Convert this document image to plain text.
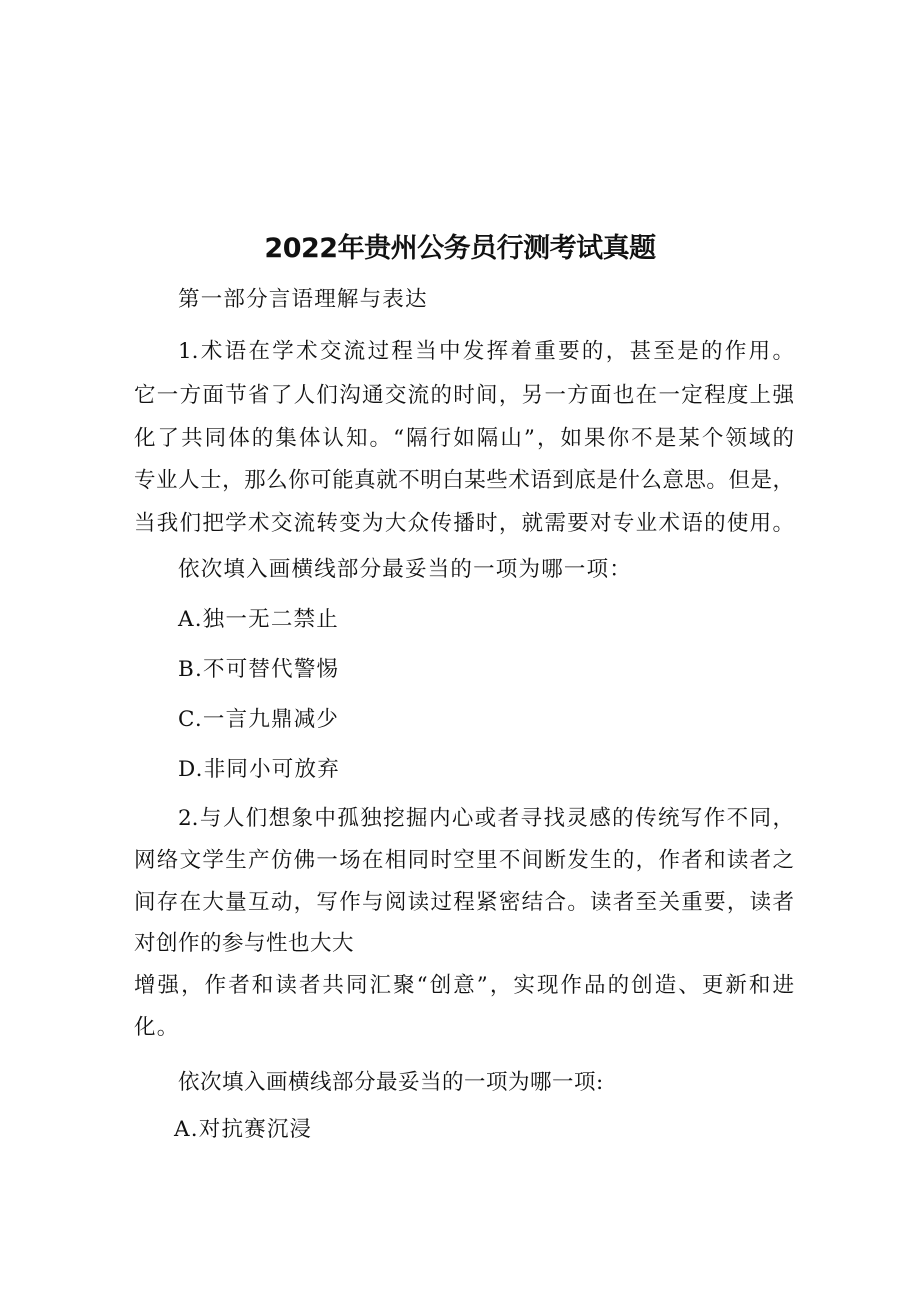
2022年贵州公务员行测考试真题
第一部分言语理解与表达
1.术语在学术交流过程当中发挥着重要的，甚至是的作用。
它一方面节省了人们沟通交流的时间，另一方面也在一定程度上强
化了共同体的集体认知。“隔行如隔山”，如果你不是某个领域的
专业人士，那么你可能真就不明白某些术语到底是什么意思。但是，
当我们把学术交流转变为大众传播时，就需要对专业术语的使用。
依次填入画横线部分最妥当的一项为哪一项：
A.独一无二禁止
B.不可替代警惕
C.一言九鼎减少
D.非同小可放弃
2.与人们想象中孤独挖掘内心或者寻找灵感的传统写作不同，
网络文学生产仿佛一场在相同时空里不间断发生的，作者和读者之
间存在大量互动，写作与阅读过程紧密结合。读者至关重要，读者
对创作的参与性也大大
增强，作者和读者共同汇聚“创意”，实现作品的创造、更新和进
化。
依次填入画横线部分最妥当的一项为哪一项:
A.对抗赛沉浸
